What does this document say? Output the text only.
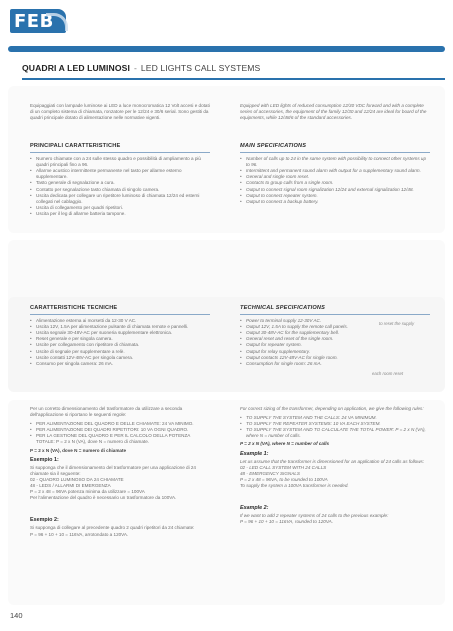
FEB
QUADRI A LED LUMINOSI - LED LIGHTS CALL SYSTEMS
Equipaggiati con lampade luminose ai LED a luce monocromatica 12 Volt accesi e dotati di un completo sistema di chiamata, ronzatore per le 12/24 e 30/6 serial. Sono gestiti da quadri principale dotato di alimentazione nelle normative vigenti.
Equipped with LED lights of reduced consumption 12/30 VDC forward and with a complete series of accessories, the equipment of the family 12/30 and 12/24 are ideal for board of the equipments, while 12/48/6 of the standard accessories.
PRINCIPALI CARATTERISTICHE
• Numero chiamate con a 24 sulle stesso quadro e possibilità di ampliamento a più quadri principali fino a 96.
• Allarme acustico intermittente permanente nel tasto per allarme esterno supplementare.
• Tasto generale di segnalazione a cura.
• Contatto per segnalazione tasto chiamata di singolo camera.
• Uscita dedicata per collegare un ripetitore luminoso di chiamata 12/24 ed esterni collegati nel cablaggio.
• Uscita di collegamento per quadri ripetitori.
• Uscita per il leg di allarme batteria tampone.
MAIN SPECIFICATIONS
• Number of calls up to 24 in the same system with possibility to connect other systems up to 96.
• Intermittent and permanent sound alarm with output for a supplementary sound alarm.
• General and single room reset.
• Contacts to group calls from a single room.
• Output to connect signal room signalization 12/24 and external signalization 12/48.
• Output to connect repeater system.
• Output to connect a backup battery.
CARATTERISTICHE TECNICHE
• Alimentazione esterna ai morsetti da 12-30 V AC.
• Uscita 12V, 1.5A per alimentazione pulsante di chiamata remote e pannelli.
• Uscita segnale 30-48V-AC per suoneria supplementare elettronica.
• Reset generale e per singola camera.
• Uscite per collegamento con ripetitore di chiamata.
• Uscite di segnale per supplementare a relè.
• Uscite contatti 12V-48V-AC per singola camera.
• Consumo per singola camera: 26 mA.
TECHNICAL SPECIFICATIONS
• Power to terminal supply 12-30V AC.
• Output 12V, 1.5A to supply the remote call panels.
• Output 30-48V-AC for the supplementary bell.
• General reset and reset of the single room.
• Output for repeater system.
• Output for relay supplementary.
• Output contacts 12V-48V-AC for single room.
• Consumption for single room: 26 mA.
to reset the supply
each room reset
Per un corretto dimensionamento del trasformatore da utilizzare a seconda dell'applicazione si riportano le seguenti regole:
• PER ALIMENTAZIONE DEL QUADRO E DELLE CHIAMATE: 24 VA MINIMO.
• PER ALIMENTAZIONE DEI QUADRI RIPETITORI: 10 VA OGNI QUADRO.
• PER LA GESTIONE DEL QUADRO E PER IL CALCOLO DELLA POTENZA TOTALE: P = 2 x N (VA), dove N = numero di chiamate.
P = 2 x N (VA), dove N = numero di chiamate
Esempio 1:
Si supponga che il dimensionamento del trasformatore per una applicazione di 24 chiamate sia il seguente:
02 - QUADRO LUMINOSO DA 24 CHIAMATE
48 - LEDS / ALLARMI DI EMERGENZA
P = 2 x 48 = 96VA potenza minima da utilizzare = 100VA
Per l'alimentazione del quadro è necessario un trasformatore da 100VA.
Esempio 2:
Si supponga di collegare al precedente quadro 2 quadri ripetitori da 24 chiamate:
P = 96 + 10 + 10 = 116VA, arrotondato a 120VA.
For correct sizing of the transformer, depending on application, we give the following rules:
• TO SUPPLY THE SYSTEM AND THE CALLS: 24 VA MINIMUM.
• TO SUPPLY THE REPEATER SYSTEMS: 10 VA EACH SYSTEM.
• TO SUPPLY THE SYSTEM AND TO CALCULATE THE TOTAL POWER: P = 2 x N (VA), where N = number of calls.
P = 2 x N (VA), where N = number of calls
Example 1:
Let us assume that the transformer is dimensioned for an application of 24 calls as follows:
02 - LED CALL SYSTEM WITH 24 CALLS
48 - EMERGENCY SIGNALS
P = 2 x 48 = 96VA, to be rounded to 100VA
To supply the system a 100VA transformer is needed.
Example 2:
If we want to add 2 repeater systems of 24 calls to the previous example:
P = 96 + 10 + 10 = 116VA, rounded to 120VA.
140
